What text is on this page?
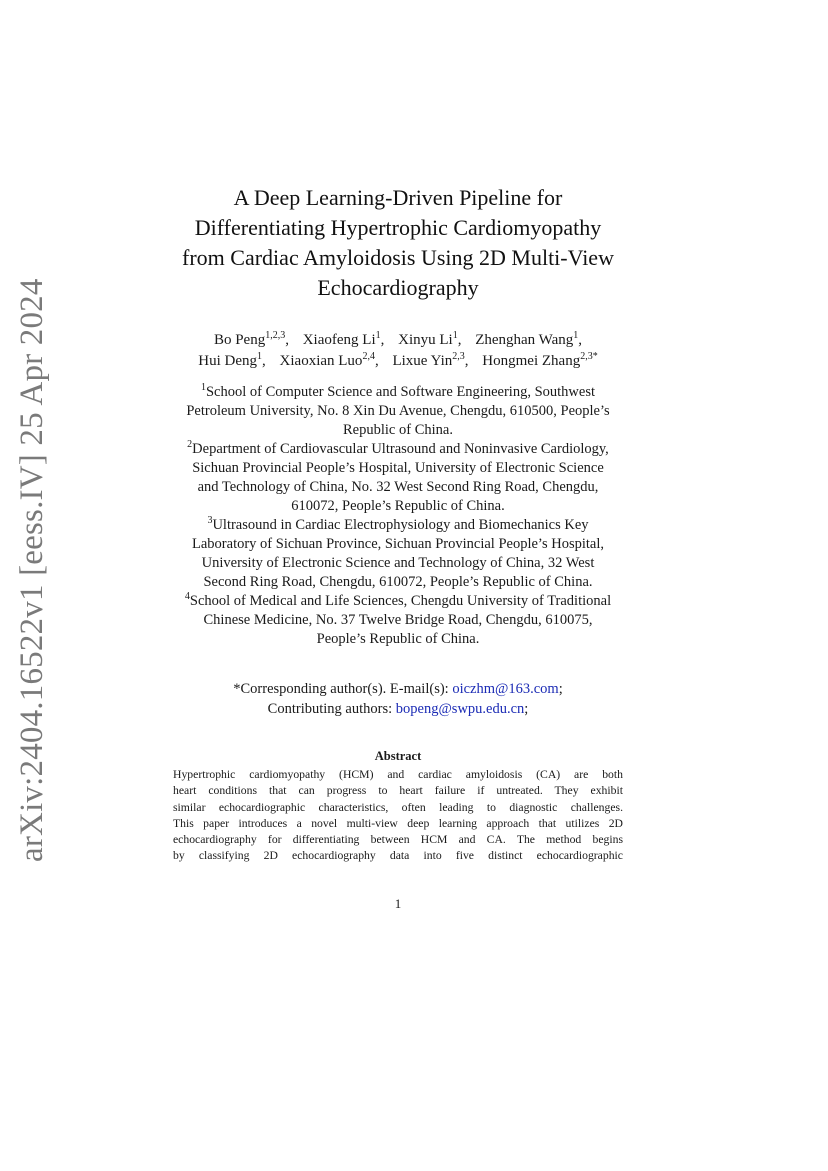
arXiv:2404.16522v1 [eess.IV] 25 Apr 2024
A Deep Learning-Driven Pipeline for
Differentiating Hypertrophic Cardiomyopathy
from Cardiac Amyloidosis Using 2D Multi-View
Echocardiography
Bo Peng$^{1,2,3}$, Xiaofeng Li$^1$, Xinyu Li$^1$, Zhenghan Wang$^1$,
Hui Deng$^1$, Xiaoxian Luo$^{2,4}$, Lixue Yin$^{2,3}$, Hongmei Zhang$^{2,3*}$
$^1$School of Computer Science and Software Engineering, Southwest
Petroleum University, No. 8 Xin Du Avenue, Chengdu, 610500, People’s
Republic of China.
$^2$Department of Cardiovascular Ultrasound and Noninvasive Cardiology,
Sichuan Provincial People’s Hospital, University of Electronic Science
and Technology of China, No. 32 West Second Ring Road, Chengdu,
610072, People’s Republic of China.
$^3$Ultrasound in Cardiac Electrophysiology and Biomechanics Key
Laboratory of Sichuan Province, Sichuan Provincial People’s Hospital,
University of Electronic Science and Technology of China, 32 West
Second Ring Road, Chengdu, 610072, People’s Republic of China.
$^4$School of Medical and Life Sciences, Chengdu University of Traditional
Chinese Medicine, No. 37 Twelve Bridge Road, Chengdu, 610075,
People’s Republic of China.
*Corresponding author(s). E-mail(s): oiczhm@163.com;
Contributing authors: bopeng@swpu.edu.cn;
Abstract
Hypertrophic cardiomyopathy (HCM) and cardiac amyloidosis (CA) are both
heart conditions that can progress to heart failure if untreated. They exhibit
similar echocardiographic characteristics, often leading to diagnostic challenges.
This paper introduces a novel multi-view deep learning approach that utilizes 2D
echocardiography for differentiating between HCM and CA. The method begins
by classifying 2D echocardiography data into five distinct echocardiographic
1
